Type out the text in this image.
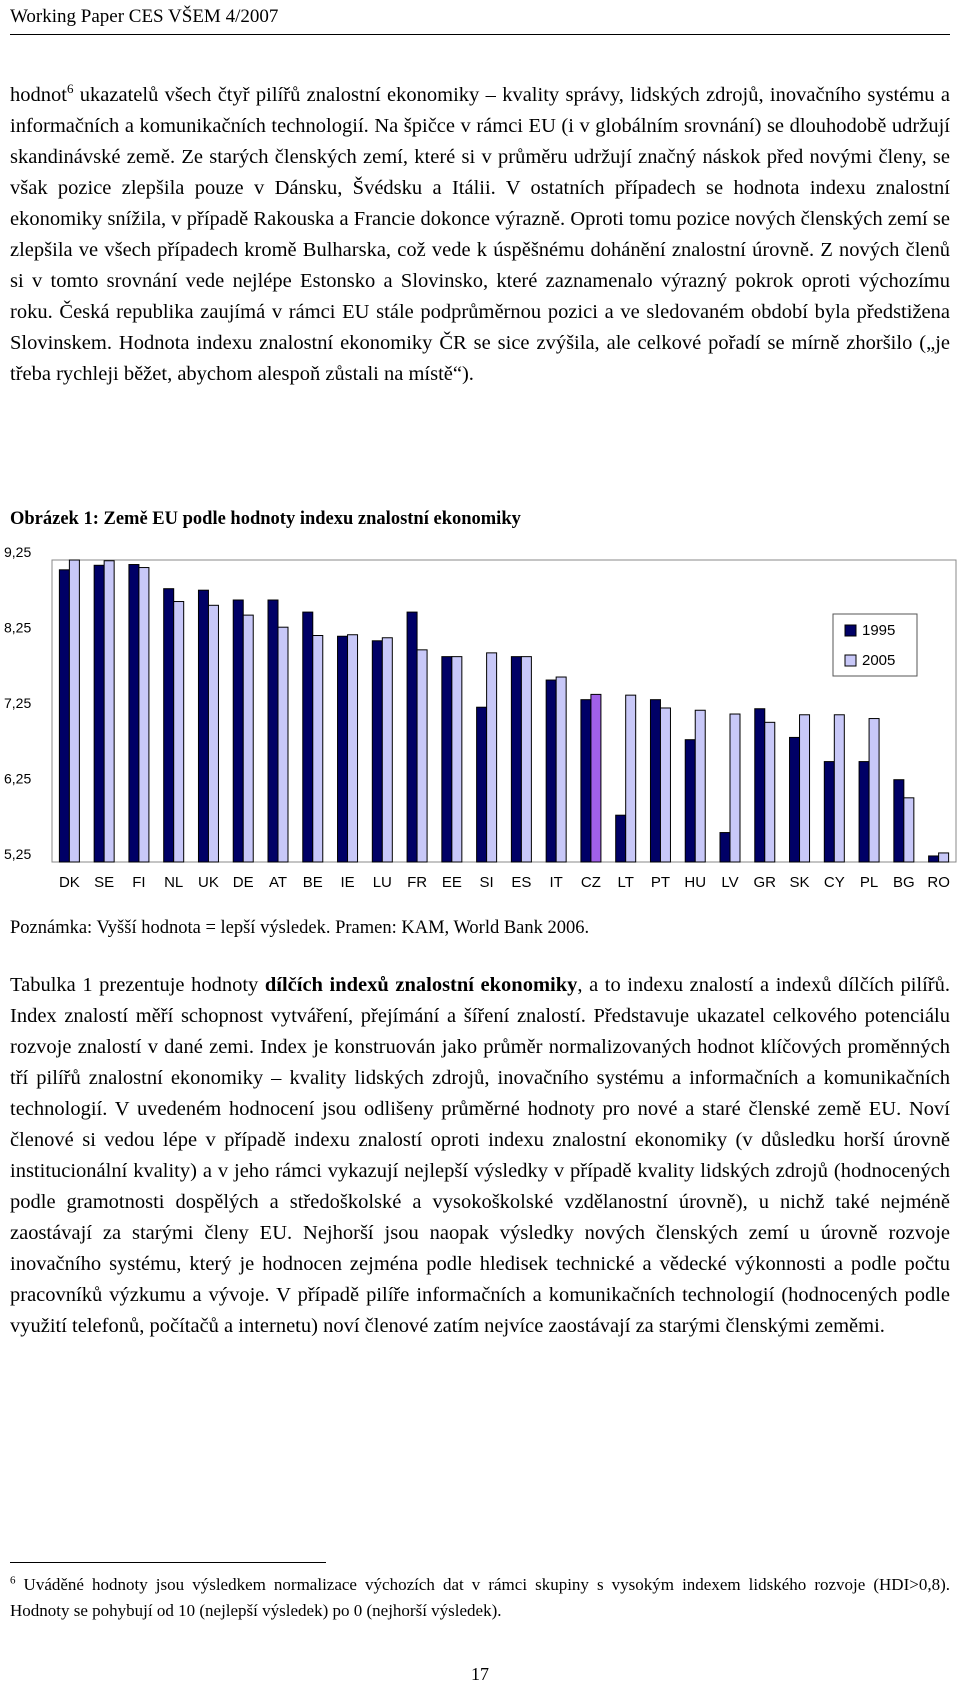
Working Paper CES VŠEM 4/2007
hodnot$^6$ ukazatelů všech čtyř pilířů znalostní ekonomiky – kvality správy, lidských zdrojů, inovačního systému a informačních a komunikačních technologií. Na špičce v rámci EU (i v globálním srovnání) se dlouhodobě udržují skandinávské země. Ze starých členských zemí, které si v průměru udržují značný náskok před novými členy, se však pozice zlepšila pouze v Dánsku, Švédsku a Itálii. V ostatních případech se hodnota indexu znalostní ekonomiky snížila, v případě Rakouska a Francie dokonce výrazně. Oproti tomu pozice nových členských zemí se zlepšila ve všech případech kromě Bulharska, což vede k úspěšnému dohánění znalostní úrovně. Z nových členů si v tomto srovnání vede nejlépe Estonsko a Slovinsko, které zaznamenalo výrazný pokrok oproti výchozímu roku. Česká republika zaujímá v rámci EU stále podprůměrnou pozici a ve sledovaném období byla předstižena Slovinskem. Hodnota indexu znalostní ekonomiky ČR se sice zvýšila, ale celkové pořadí se mírně zhoršilo („je třeba rychleji běžet, abychom alespoň zůstali na místě“).
Obrázek 1: Země EU podle hodnoty indexu znalostní ekonomiky
9,25
8,25
7,25
6,25
5,25
DK SE FI NL UK DE AT BE IE LU FR EE SI ES IT CZ LT PT HU LV GR SK CY PL BG RO
1995
2005
Poznámka: Vyšší hodnota = lepší výsledek. Pramen: KAM, World Bank 2006.
Tabulka 1 prezentuje hodnoty dílčích indexů znalostní ekonomiky, a to indexu znalostí a indexů dílčích pilířů. Index znalostí měří schopnost vytváření, přejímání a šíření znalostí. Představuje ukazatel celkového potenciálu rozvoje znalostí v dané zemi. Index je konstruován jako průměr normalizovaných hodnot klíčových proměnných tří pilířů znalostní ekonomiky – kvality lidských zdrojů, inovačního systému a informačních a komunikačních technologií. V uvedeném hodnocení jsou odlišeny průměrné hodnoty pro nové a staré členské země EU. Noví členové si vedou lépe v případě indexu znalostí oproti indexu znalostní ekonomiky (v důsledku horší úrovně institucionální kvality) a v jeho rámci vykazují nejlepší výsledky v případě kvality lidských zdrojů (hodnocených podle gramotnosti dospělých a středoškolské a vysokoškolské vzdělanostní úrovně), u nichž také nejméně zaostávají za starými členy EU. Nejhorší jsou naopak výsledky nových členských zemí u úrovně rozvoje inovačního systému, který je hodnocen zejména podle hledisek technické a vědecké výkonnosti a podle počtu pracovníků výzkumu a vývoje. V případě pilíře informačních a komunikačních technologií (hodnocených podle využití telefonů, počítačů a internetu) noví členové zatím nejvíce zaostávají za starými členskými zeměmi.
$^6$ Uváděné hodnoty jsou výsledkem normalizace výchozích dat v rámci skupiny s vysokým indexem lidského rozvoje (HDI>0,8). Hodnoty se pohybují od 10 (nejlepší výsledek) po 0 (nejhorší výsledek).
17
